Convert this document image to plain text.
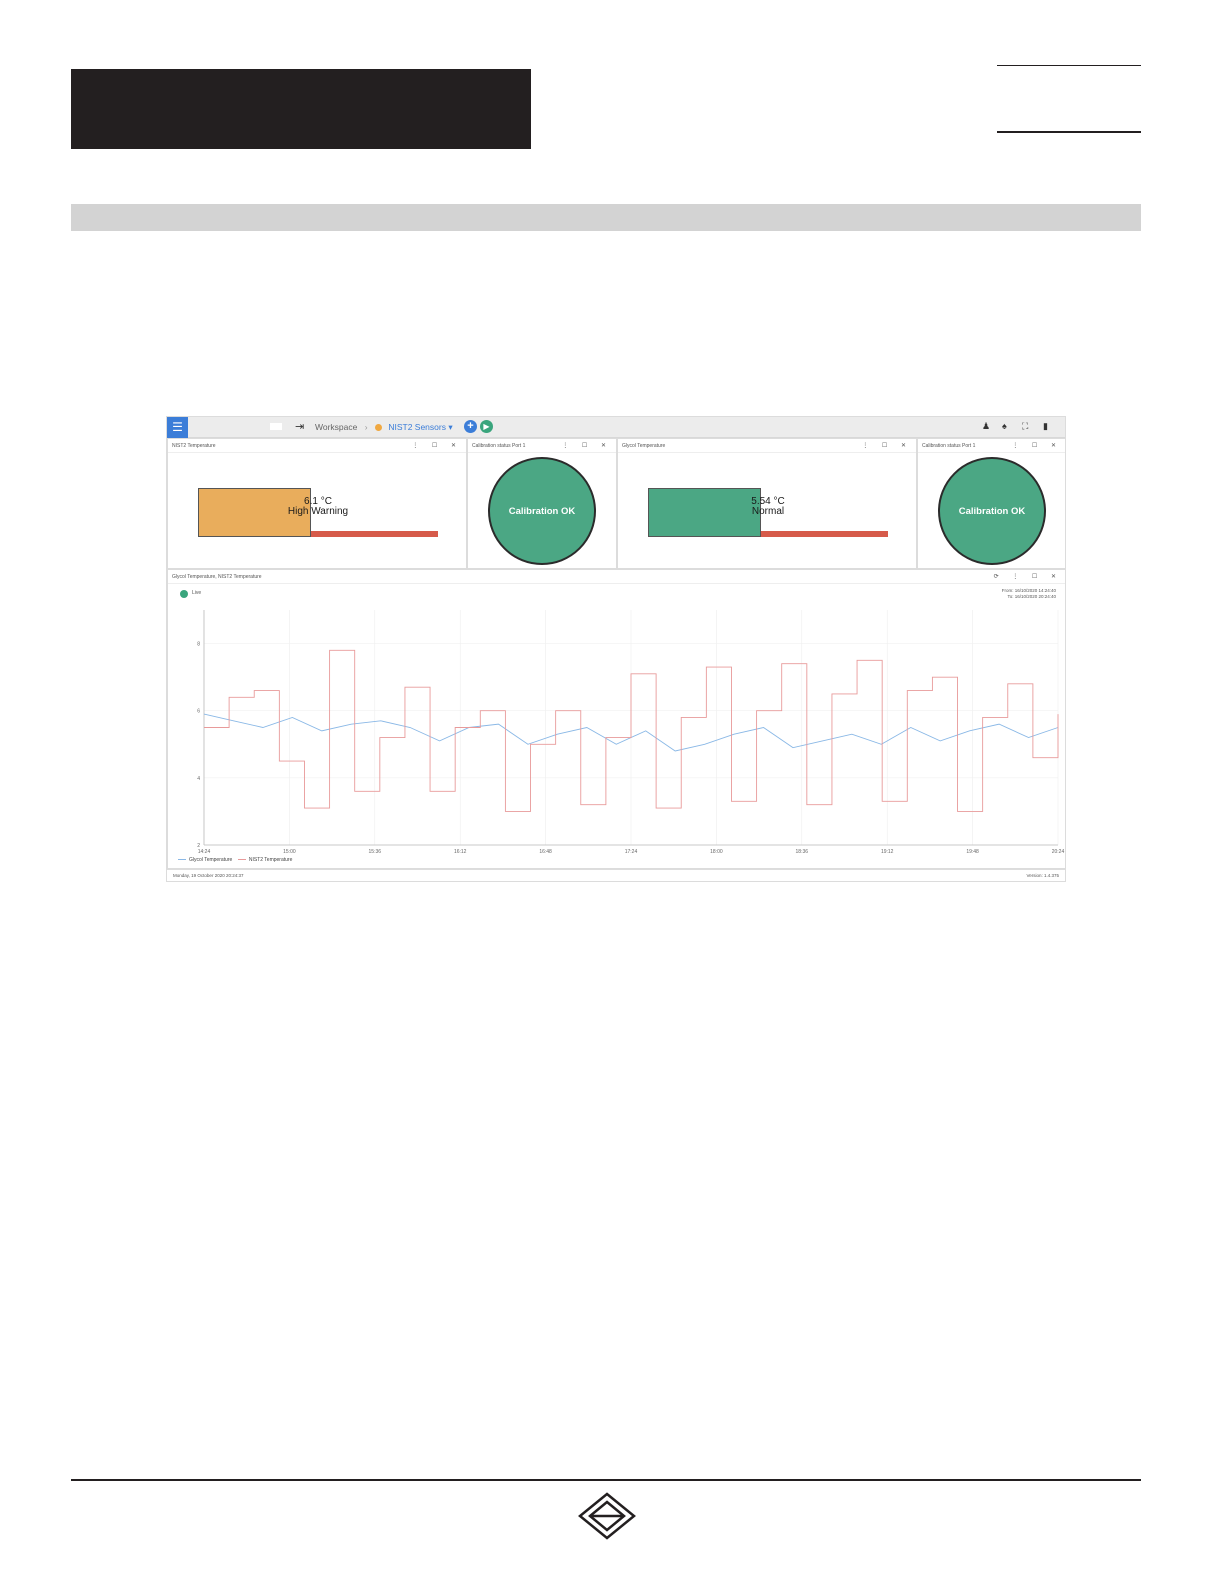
☰	⇥ Workspace › NIST2 Sensors ▾ +	▶	♟ ♠ ⛶ ▮
NIST2 Temperature	⋮ ☐ ✕
6.1 °C
High Warning
Calibration status Port 1	⋮ ☐ ✕
Calibration OK
Glycol Temperature	⋮ ☐ ✕
5.54 °C
Normal
Calibration status Port 1	⋮ ☐ ✕
Calibration OK
Glycol Temperature, NIST2 Temperature	⟳ ⋮ ☐ ✕
Live	From: 16/10/2020 14:24:40
To: 16/10/2020 20:24:40
14:24	15:00	15:36	16:12	16:48	17:24	18:00	18:36	19:12	19:48	20:24
2
4
6
8
Glycol Temperature	NIST2 Temperature
Monday, 19 October 2020 20:24:37	Version: 1.4.375
